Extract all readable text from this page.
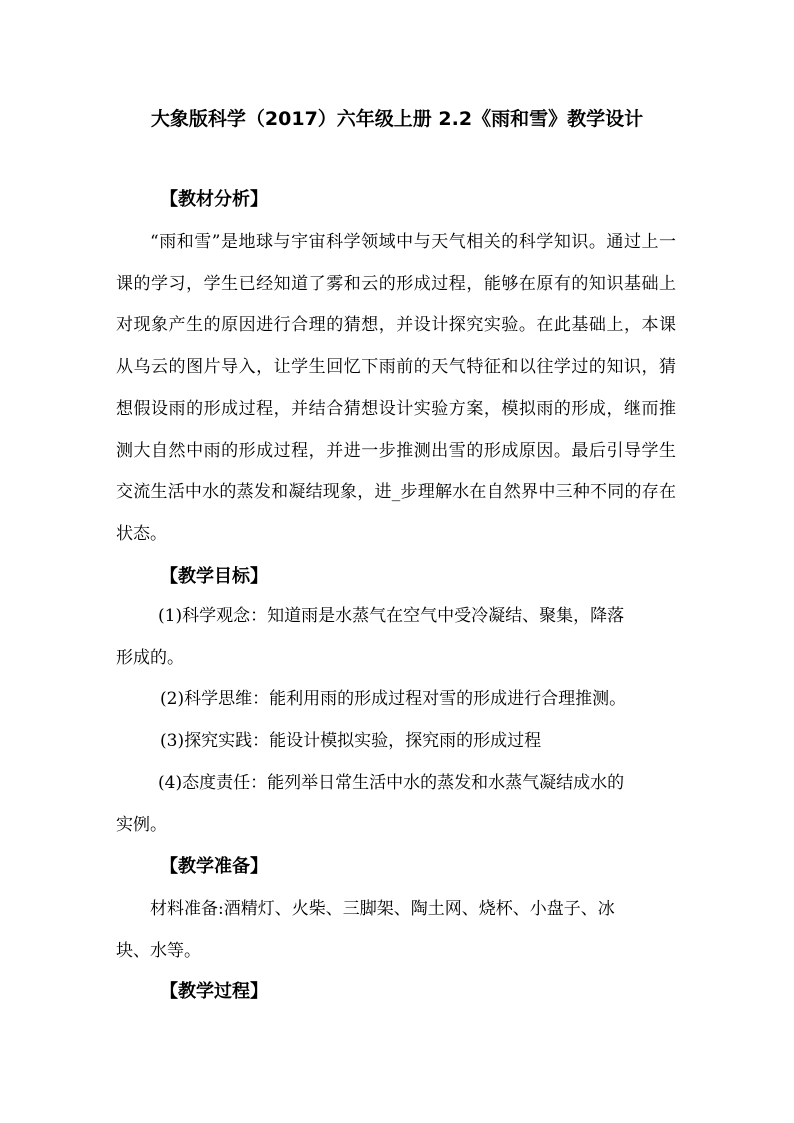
大象版科学（2017）六年级上册 2.2《雨和雪》教学设计
【教材分析】
“雨和雪”是地球与宇宙科学领域中与天气相关的科学知识。通过上一课的学习，学生已经知道了雾和云的形成过程，能够在原有的知识基础上对现象产生的原因进行合理的猜想，并设计探究实验。在此基础上，本课从乌云的图片导入，让学生回忆下雨前的天气特征和以往学过的知识，猜想假设雨的形成过程，并结合猜想设计实验方案，模拟雨的形成，继而推测大自然中雨的形成过程，并进一步推测出雪的形成原因。最后引导学生交流生活中水的蒸发和凝结现象，进_步理解水在自然界中三种不同的存在状态。
【教学目标】
(1)科学观念：知道雨是水蒸气在空气中受冷凝结、聚集，降落
形成的。
(2)科学思维：能利用雨的形成过程对雪的形成进行合理推测。
(3)探究实践：能设计模拟实验，探究雨的形成过程
(4)态度责任：能列举日常生活中水的蒸发和水蒸气凝结成水的
实例。
【教学准备】
材料准备:酒精灯、火柴、三脚架、陶土网、烧杯、小盘子、冰
块、水等。
【教学过程】
